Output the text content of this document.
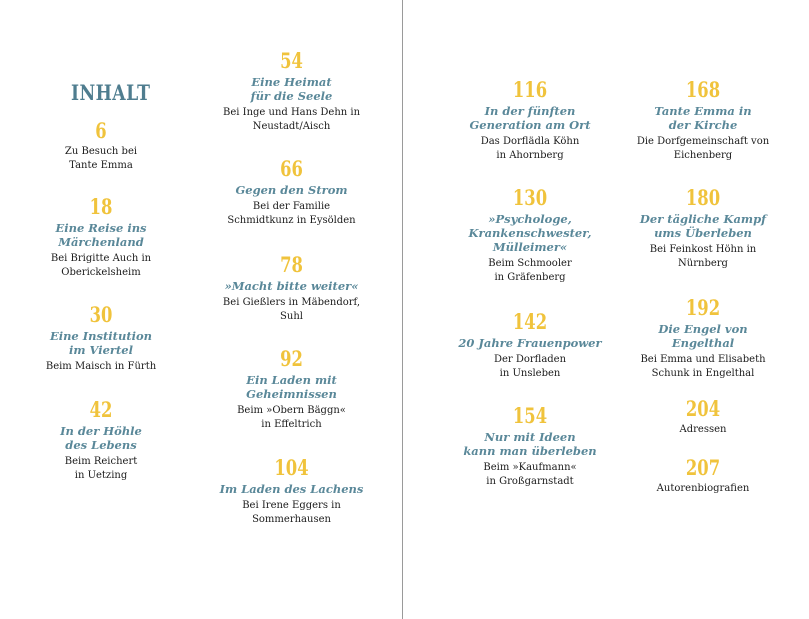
INHALT
6
Zu Besuch bei
Tante Emma
18
Eine Reise ins
Märchenland
Bei Brigitte Auch in
Oberickelsheim
30
Eine Institution
im Viertel
Beim Maisch in Fürth
42
In der Höhle
des Lebens
Beim Reichert
in Uetzing
54
Eine Heimat
für die Seele
Bei Inge und Hans Dehn in
Neustadt/Aisch
66
Gegen den Strom
Bei der Familie
Schmidtkunz in Eysölden
78
»Macht bitte weiter«
Bei Gießlers in Mäbendorf,
Suhl
92
Ein Laden mit
Geheimnissen
Beim »Obern Bäggn«
in Effeltrich
104
Im Laden des Lachens
Bei Irene Eggers in
Sommerhausen
116
In der fünften
Generation am Ort
Das Dorflädla Köhn
in Ahornberg
130
»Psychologe,
Krankenschwester,
Mülleimer«
Beim Schmooler
in Gräfenberg
142
20 Jahre Frauenpower
Der Dorfladen
in Unsleben
154
Nur mit Ideen
kann man überleben
Beim »Kaufmann«
in Großgarnstadt
168
Tante Emma in
der Kirche
Die Dorfgemeinschaft von
Eichenberg
180
Der tägliche Kampf
ums Überleben
Bei Feinkost Höhn in
Nürnberg
192
Die Engel von
Engelthal
Bei Emma und Elisabeth
Schunk in Engelthal
204
Adressen
207
Autorenbiografien
